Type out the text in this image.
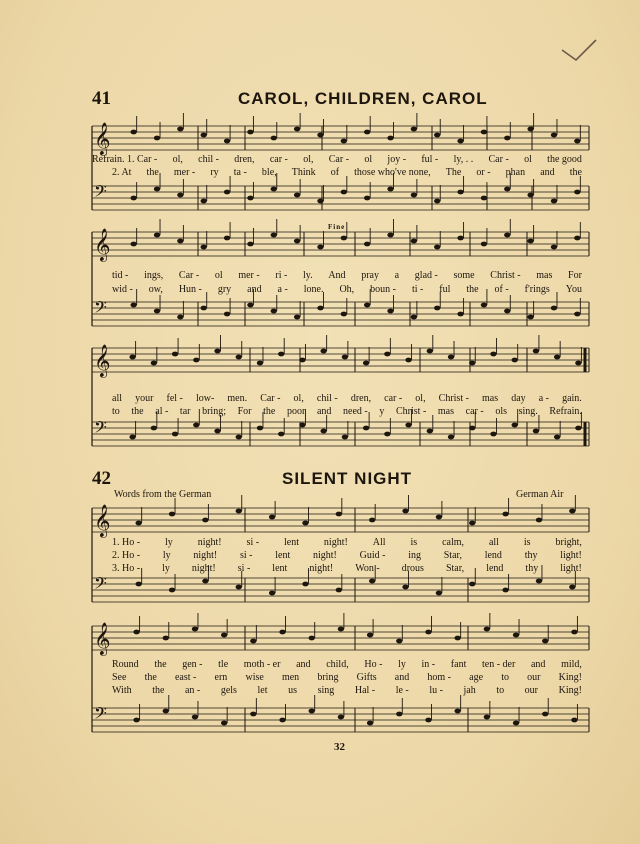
41	CAROL, CHILDREN, CAROL
𝄞
𝄢
𝄞
𝄢
𝄞
𝄢
Fine
Refrain. 1. Car - ol, chil - dren, car - ol, Car - ol joy - ful - ly, . . Car - ol the good
2. At the mer - ry ta - ble, Think of those who've none, The or - phan and the
tid - ings, Car - ol mer - ri - ly. And pray a glad - some Christ - mas For
wid - ow, Hun - gry and a - lone. Oh, boun - ti - ful the of - f'rings You
all your fel - low- men. Car - ol, chil - dren, car - ol, Christ - mas day a - gain.
to the al - tar bring; For the poor and need - y Christ - mas car - ols sing. Refrain.
42	SILENT NIGHT
Words from the German	German Air
𝄞
𝄢
𝄞
𝄢
1. Ho - ly night! si - lent night! All is calm, all is bright,
2. Ho - ly night! si - lent night! Guid - ing Star, lend thy light!
3. Ho - ly night! si - lent night! Won - drous Star, lend thy light!
Round the gen - tle moth - er and child, Ho - ly in - fant ten - der and mild,
See the east - ern wise men bring Gifts and hom - age to our King!
With the an - gels let us sing Hal - le - lu - jah to our King!
32
